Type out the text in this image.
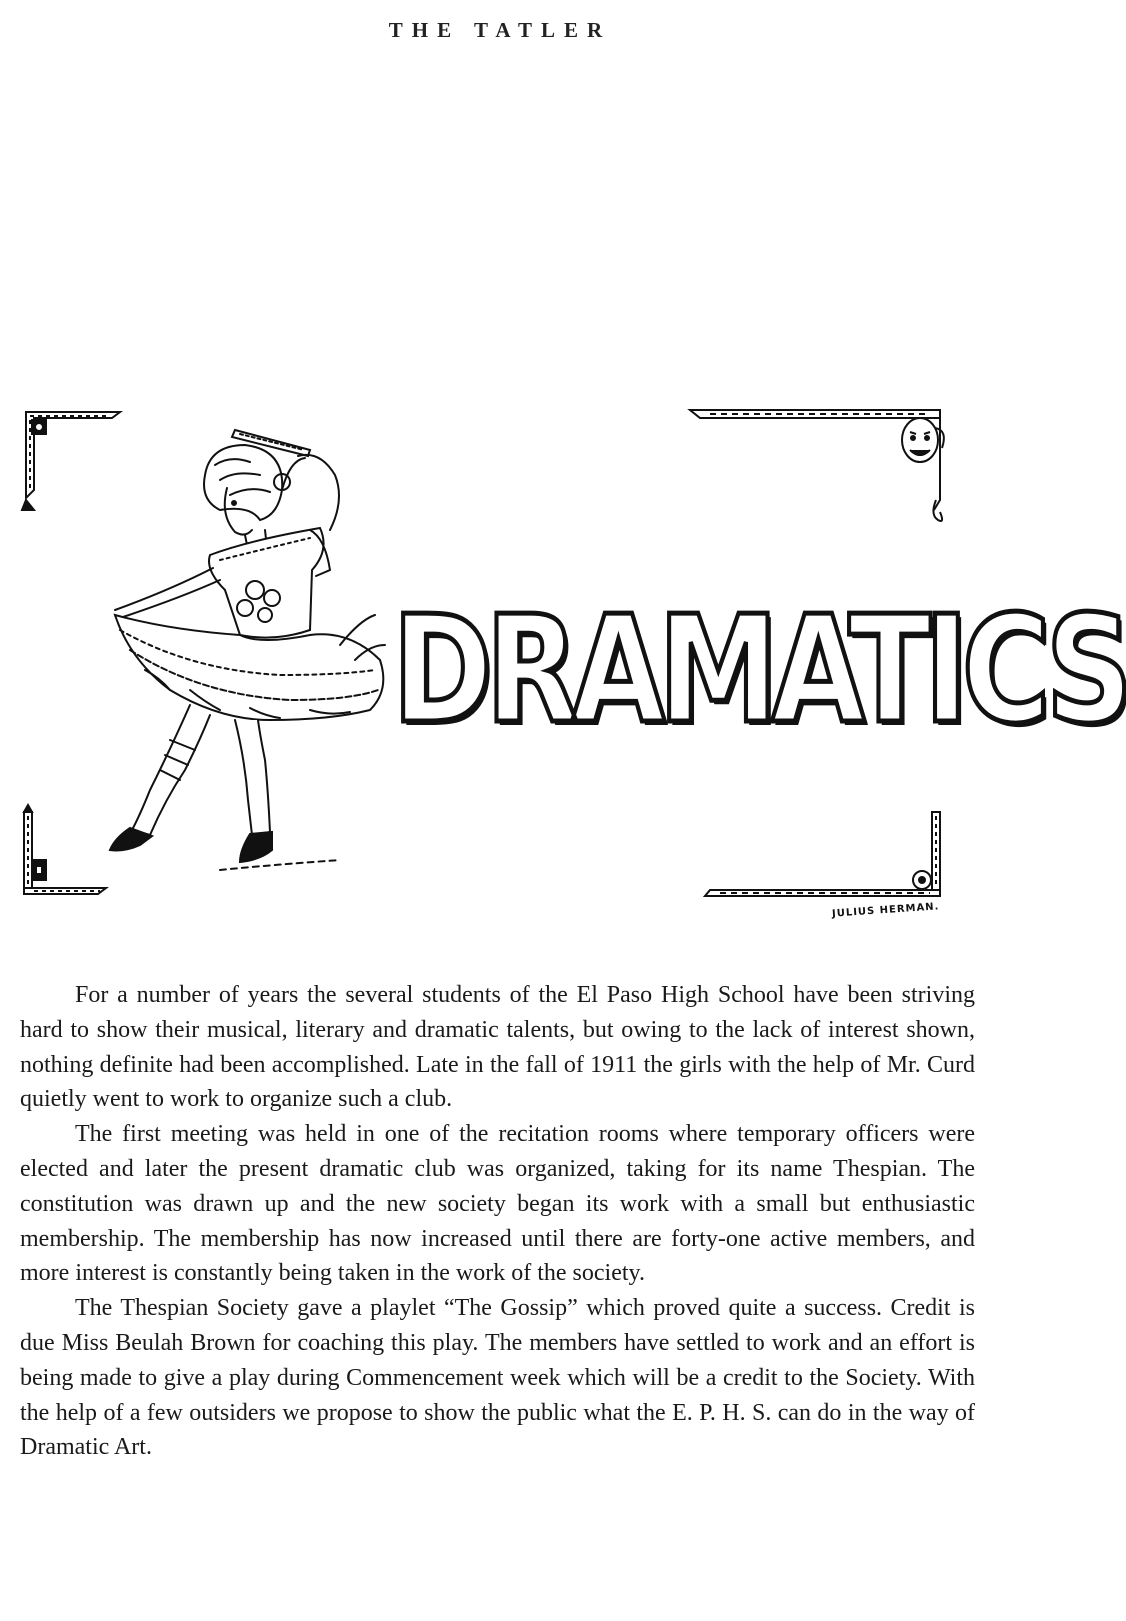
THE TATLER
DRAMATICS
JULIUS HERMAN.

For a number of years the several students of the El Paso High School have been striving hard to show their musical, literary and dramatic talents, but owing to the lack of interest shown, nothing definite had been accomplished. Late in the fall of 1911 the girls with the help of Mr. Curd quietly went to work to organize such a club.

The first meeting was held in one of the recitation rooms where temporary officers were elected and later the present dramatic club was organized, taking for its name Thespian. The constitution was drawn up and the new society began its work with a small but enthusiastic membership. The membership has now increased until there are forty-one active members, and more interest is constantly being taken in the work of the society.

The Thespian Society gave a playlet “The Gossip” which proved quite a success. Credit is due Miss Beulah Brown for coaching this play. The members have settled to work and an effort is being made to give a play during Commencement week which will be a credit to the Society. With the help of a few outsiders we propose to show the public what the E. P. H. S. can do in the way of Dramatic Art.
